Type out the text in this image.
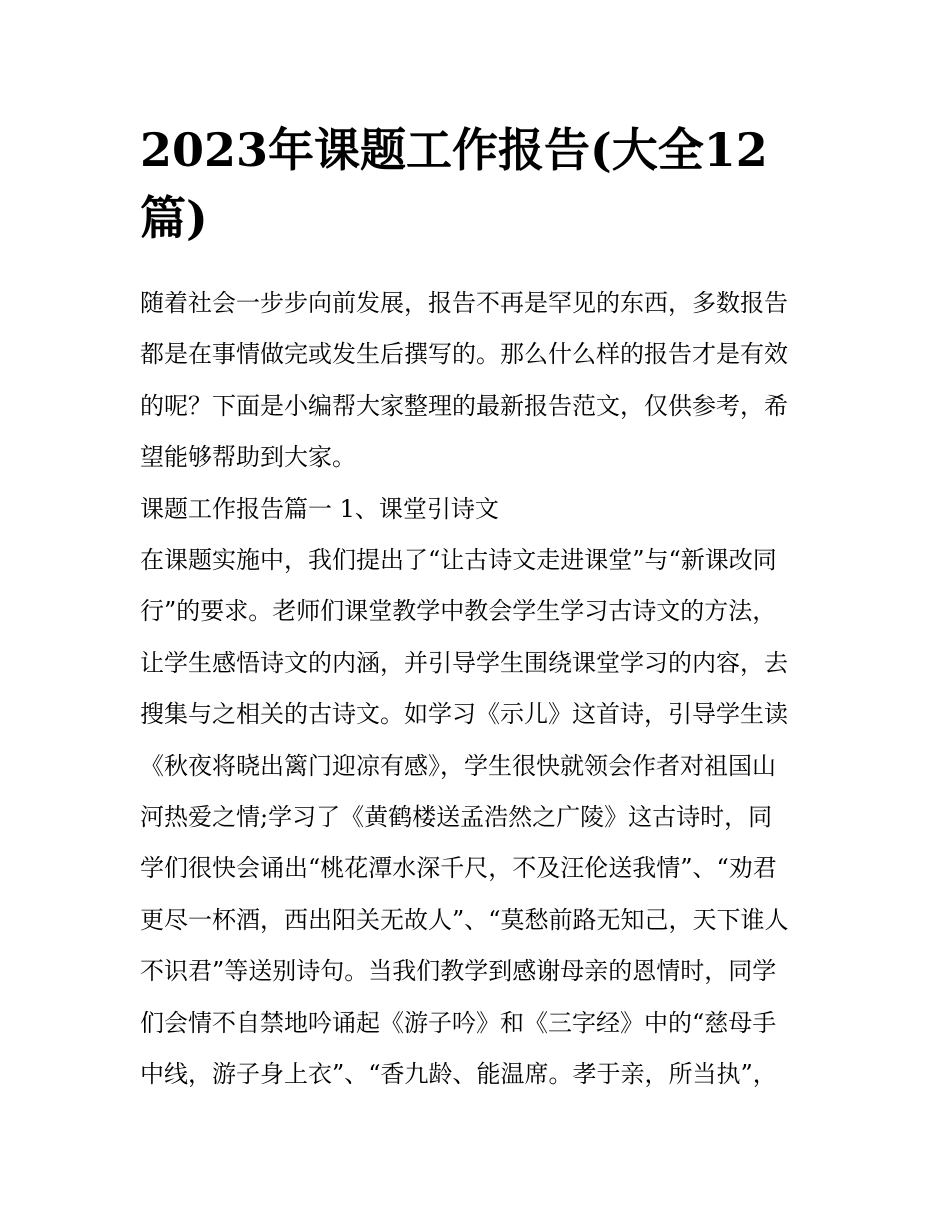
2023年课题工作报告(大全12
篇)
随着社会一步步向前发展，报告不再是罕见的东西，多数报告
都是在事情做完或发生后撰写的。那么什么样的报告才是有效
的呢？下面是小编帮大家整理的最新报告范文，仅供参考，希
望能够帮助到大家。
课题工作报告篇一 1、课堂引诗文
在课题实施中，我们提出了“让古诗文走进课堂”与“新课改同
行”的要求。老师们课堂教学中教会学生学习古诗文的方法，
让学生感悟诗文的内涵，并引导学生围绕课堂学习的内容，去
搜集与之相关的古诗文。如学习《示儿》这首诗，引导学生读
《秋夜将晓出篱门迎凉有感》，学生很快就领会作者对祖国山
河热爱之情;学习了《黄鹤楼送孟浩然之广陵》这古诗时，同
学们很快会诵出“桃花潭水深千尺，不及汪伦送我情”、“劝君
更尽一杯酒，西出阳关无故人”、“莫愁前路无知己，天下谁人
不识君”等送别诗句。当我们教学到感谢母亲的恩情时，同学
们会情不自禁地吟诵起《游子吟》和《三字经》中的“慈母手
中线，游子身上衣”、“香九龄、能温席。孝于亲，所当执”，
